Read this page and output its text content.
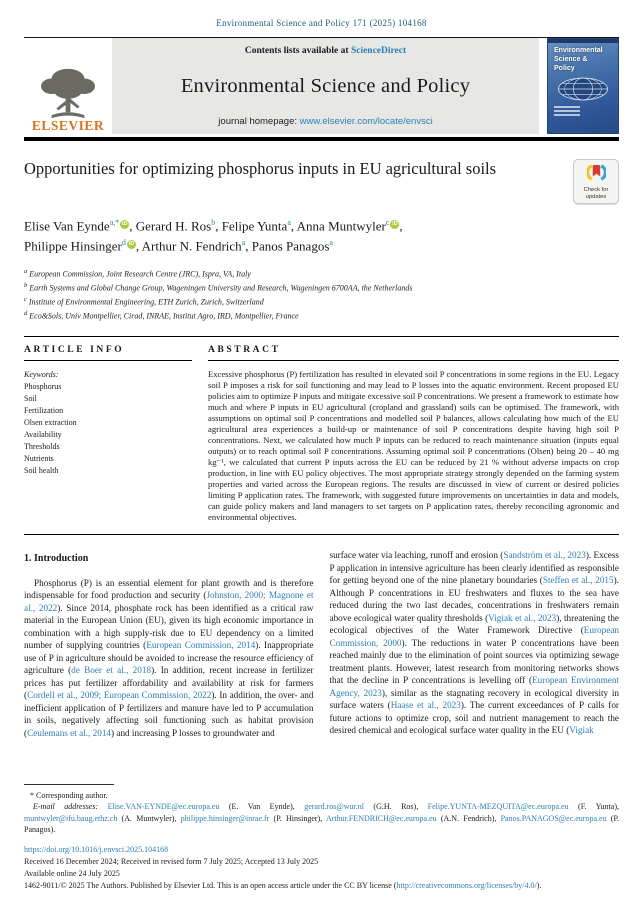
Environmental Science and Policy 171 (2025) 104168
ELSEVIER
Contents lists available at ScienceDirect
Environmental Science and Policy
journal homepage: www.elsevier.com/locate/envsci
Environmental
Science &
Policy
Opportunities for optimizing phosphorus inputs in EU agricultural soils
Check for
updates
Elise Van Eynde$^{a,*}$ iD , Gerard H. Ros$^b$, Felipe Yunta$^a$, Anna Muntwyler$^c$ iD ,
Philippe Hinsinger$^d$ iD , Arthur N. Fendrich$^a$, Panos Panagos$^a$
$^a$ European Commission, Joint Research Centre (JRC), Ispra, VA, Italy
$^b$ Earth Systems and Global Change Group, Wageningen University and Research, Wageningen 6700AA, the Netherlands
$^c$ Institute of Environmental Engineering, ETH Zurich, Zurich, Switzerland
$^d$ Eco&Sols, Univ Montpellier, Cirad, INRAE, Institut Agro, IRD, Montpellier, France
ARTICLE INFO
Keywords:
Phosphorus
Soil
Fertilization
Olsen extraction
Availability
Thresholds
Nutrients
Soil health
ABSTRACT
Excessive phosphorus (P) fertilization has resulted in elevated soil P concentrations in some regions in the EU. Legacy soil P imposes a risk for soil functioning and may lead to P losses into the aquatic environment. Recent proposed EU policies aim to optimize P inputs and mitigate excessive soil P concentrations. We present a framework to estimate how much and where P inputs in EU agricultural (cropland and grassland) soils can be optimised. The framework, with assumptions on optimal soil P concentrations and modelled soil P balances, allows calculating how much of the EU agricultural area experiences a build-up or maintenance of soil P concentrations despite having high soil P concentrations. Next, we calculated how much P inputs can be reduced to reach maintenance situation (inputs equal outputs) or to reach optimal soil P concentrations. Assuming optimal soil P concentrations (Olsen) being 20 – 40 mg kg⁻¹, we calculated that current P inputs across the EU can be reduced by 21 % without adverse impacts on crop production, in line with EU policy objectives. The most appropriate strategy strongly depended on the farming system properties and varied across the European regions. The results are discussed in view of current or desired policies limiting P application rates. The framework, with suggested future improvements on uncertainties in data and models, can guide policy makers and land managers to set targets on P application rates, thereby reconciling agronomic and environmental objectives.
1. Introduction
Phosphorus (P) is an essential element for plant growth and is therefore indispensable for food production and security (Johnston, 2000; Magnone et al., 2022). Since 2014, phosphate rock has been identified as a critical raw material in the European Union (EU), given its high economic importance in combination with a high supply-risk due to EU dependency on a limited number of supplying countries (European Commission, 2014). Inappropriate use of P in agriculture should be avoided to increase the resource efficiency of agriculture (de Boer et al., 2018). In addition, recent increase in fertilizer prices has put fertilizer affordability and availability at risk for farmers (Cordell et al., 2009; European Commission, 2022). In addition, the over- and inefficient application of P fertilizers and manure have led to P accumulation in soils, negatively affecting soil functioning such as habitat provision (Ceulemans et al., 2014) and increasing P losses to groundwater and
surface water via leaching, runoff and erosion (Sandström et al., 2023). Excess P application in intensive agriculture has been clearly identified as responsible for getting beyond one of the nine planetary boundaries (Steffen et al., 2015). Although P concentrations in EU freshwaters and fluxes to the sea have reduced during the two last decades, concentrations in freshwaters remain above ecological water quality thresholds (Vigiak et al., 2023), threatening the ecological objectives of the Water Framework Directive (European Commission, 2000). The reductions in water P concentrations have been reached mainly due to the elimination of point sources via optimizing sewage treatment plants. However, latest research from monitoring networks shows that the decline in P concentrations is levelling off (European Environment Agency, 2023), similar as the stagnating recovery in ecological diversity in surface waters (Haase et al., 2023). The current exceedances of P calls for future actions to optimize crop, soil and nutrient management to reach the desired chemical and ecological surface water quality in the EU (Vigiak
* Corresponding author.
E-mail addresses: Elise.VAN-EYNDE@ec.europa.eu (E. Van Eynde), gerard.ros@wur.nl (G.H. Ros), Felipe.YUNTA-MEZQUITA@ec.europa.eu (F. Yunta), muntwyler@ifu.baug.ethz.ch (A. Muntwyler), philippe.hinsinger@inrae.fr (P. Hinsinger), Arthur.FENDRICH@ec.europa.eu (A.N. Fendrich), Panos.PANAGOS@ec.europa.eu (P. Panagos).
https://doi.org/10.1016/j.envsci.2025.104168
Received 16 December 2024; Received in revised form 7 July 2025; Accepted 13 July 2025
Available online 24 July 2025
1462-9011/© 2025 The Authors. Published by Elsevier Ltd. This is an open access article under the CC BY license (http://creativecommons.org/licenses/by/4.0/).
